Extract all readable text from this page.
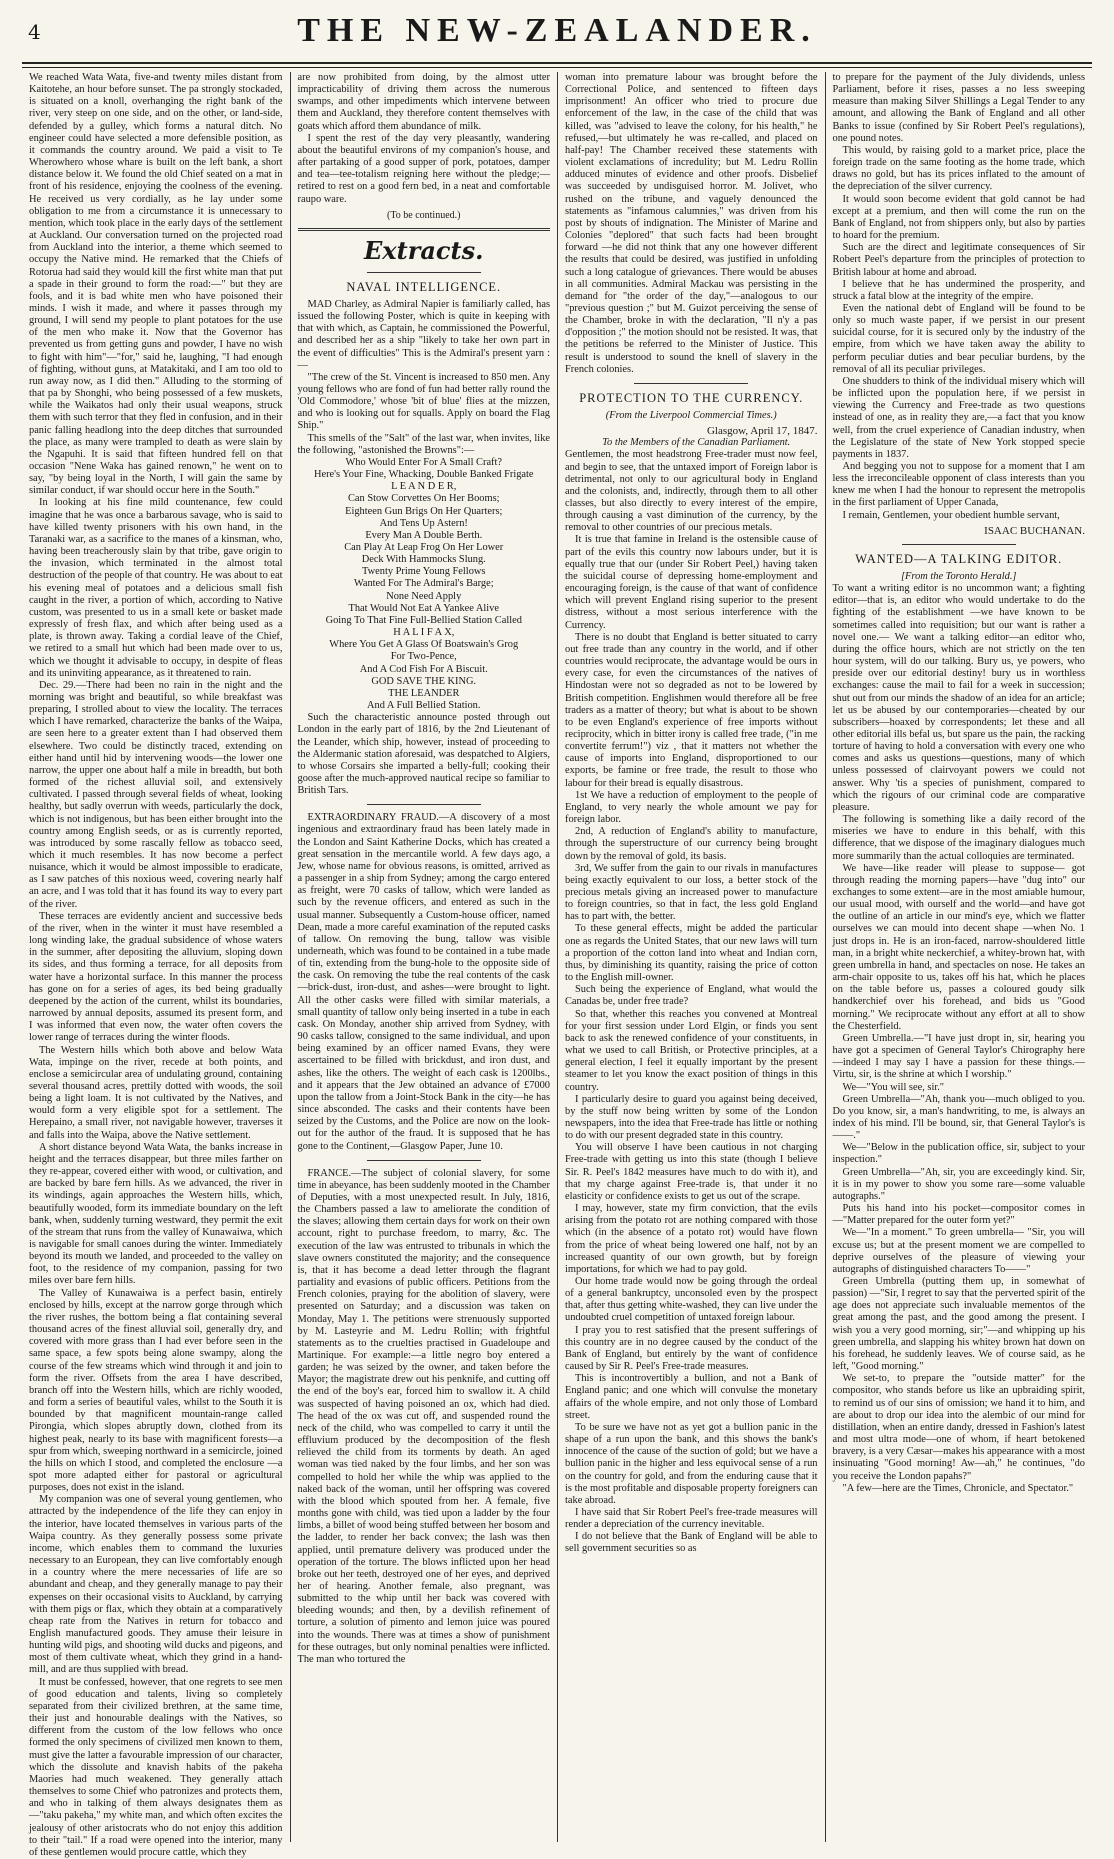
4	THE NEW-ZEALANDER.

We reached Wata Wata, five-and twenty miles distant from Kaitotehe, an hour before sunset. The pa strongly stockaded, is situated on a knoll, overhanging the right bank of the river, very steep on one side, and on the other, or land-side, defended by a gulley, which forms a natural ditch. No engineer could have selected a more defensible position, as it commands the country around. We paid a visit to Te Wherowhero whose whare is built on the left bank, a short distance below it. We found the old Chief seated on a mat in front of his residence, enjoying the coolness of the evening. He received us very cordially, as he lay under some obligation to me from a circumstance it is unnecessary to mention, which took place in the early days of the settlement at Auckland. Our conversation turned on the projected road from Auckland into the interior, a theme which seemed to occupy the Native mind. He remarked that the Chiefs of Rotorua had said they would kill the first white man that put a spade in their ground to form the road:—" but they are fools, and it is bad white men who have poisoned their minds. I wish it made, and where it passes through my ground, I will send my people to plant potatoes for the use of the men who make it. Now that the Governor has prevented us from getting guns and powder, I have no wish to fight with him"—"for," said he, laughing, "I had enough of fighting, without guns, at Matakitaki, and I am too old to run away now, as I did then." Alluding to the storming of that pa by Shonghi, who being possessed of a few muskets, while the Waikatos had only their usual weapons, struck them with such terror that they fled in confusion, and in their panic falling headlong into the deep ditches that surrounded the place, as many were trampled to death as were slain by the Ngapuhi. It is said that fifteen hundred fell on that occasion "Nene Waka has gained renown," he went on to say, "by being loyal in the North, I will gain the same by similar conduct, if war should occur here in the South."

In looking at his fine mild countenance, few could imagine that he was once a barbarous savage, who is said to have killed twenty prisoners with his own hand, in the Taranaki war, as a sacrifice to the manes of a kinsman, who, having been treacherously slain by that tribe, gave origin to the invasion, which terminated in the almost total destruction of the people of that country. He was about to eat his evening meal of potatoes and a delicious small fish caught in the river, a portion of which, according to Native custom, was presented to us in a small kete or basket made expressly of fresh flax, and which after being used as a plate, is thrown away. Taking a cordial leave of the Chief, we retired to a small hut which had been made over to us, which we thought it advisable to occupy, in despite of fleas and its uninviting appearance, as it threatened to rain.

Dec. 29.—There had been no rain in the night and the morning was bright and beautiful, so while breakfast was preparing, I strolled about to view the locality. The terraces which I have remarked, characterize the banks of the Waipa, are seen here to a greater extent than I had observed them elsewhere. Two could be distinctly traced, extending on either hand until hid by intervening woods—the lower one narrow, the upper one about half a mile in breadth, but both formed of the richest alluvial soil, and extensively cultivated. I passed through several fields of wheat, looking healthy, but sadly overrun with weeds, particularly the dock, which is not indigenous, but has been either brought into the country among English seeds, or as is currently reported, was introduced by some rascally fellow as tobacco seed, which it much resembles. It has now become a perfect nuisance, which it would be almost impossible to eradicate, as I saw patches of this noxious weed, covering nearly half an acre, and I was told that it has found its way to every part of the river.

These terraces are evidently ancient and successive beds of the river, when in the winter it must have resembled a long winding lake, the gradual subsidence of whose waters in the summer, after depositing the alluvium, sloping down its sides, and thus forming a terrace, for all deposits from water have a horizontal surface. In this manner the process has gone on for a series of ages, its bed being gradually deepened by the action of the current, whilst its boundaries, narrowed by annual deposits, assumed its present form, and I was informed that even now, the water often covers the lower range of terraces during the winter floods.

The Western hills which both above and below Wata Wata, impinge on the river, recede at both points, and enclose a semicircular area of undulating ground, containing several thousand acres, prettily dotted with woods, the soil being a light loam. It is not cultivated by the Natives, and would form a very eligible spot for a settlement. The Herepaino, a small river, not navigable however, traverses it and falls into the Waipa, above the Native settlement.

A short distance beyond Wata Wata, the banks increase in height and the terraces disappear, but three miles farther on they re-appear, covered either with wood, or cultivation, and are backed by bare fern hills. As we advanced, the river in its windings, again approaches the Western hills, which, beautifully wooded, form its immediate boundary on the left bank, when, suddenly turning westward, they permit the exit of the stream that runs from the valley of Kunawaiwa, which is navigable for small canoes during the winter. Immediately beyond its mouth we landed, and proceeded to the valley on foot, to the residence of my companion, passing for two miles over bare fern hills.

The Valley of Kunawaiwa is a perfect basin, entirely enclosed by hills, except at the narrow gorge through which the river rushes, the bottom being a flat containing several thousand acres of the finest alluvial soil, generally dry, and covered with more grass than I had ever before seen in the same space, a few spots being alone swampy, along the course of the few streams which wind through it and join to form the river. Offsets from the area I have described, branch off into the Western hills, which are richly wooded, and form a series of beautiful vales, whilst to the South it is bounded by that magnificent mountain-range called Pirongia, which slopes abruptly down, clothed from its highest peak, nearly to its base with magnificent forests—a spur from which, sweeping northward in a semicircle, joined the hills on which I stood, and completed the enclosure —a spot more adapted either for pastoral or agricultural purposes, does not exist in the island.

My companion was one of several young gentlemen, who attracted by the independence of the life they can enjoy in the interior, have located themselves in various parts of the Waipa country. As they generally possess some private income, which enables them to command the luxuries necessary to an European, they can live comfortably enough in a country where the mere necessaries of life are so abundant and cheap, and they generally manage to pay their expenses on their occasional visits to Auckland, by carrying with them pigs or flax, which they obtain at a comparatively cheap rate from the Natives in return for tobacco and English manufactured goods. They amuse their leisure in hunting wild pigs, and shooting wild ducks and pigeons, and most of them cultivate wheat, which they grind in a hand-mill, and are thus supplied with bread.

It must be confessed, however, that one regrets to see men of good education and talents, living so completely separated from their civilized brethren, at the same time, their just and honourable dealings with the Natives, so different from the custom of the low fellows who once formed the only specimens of civilized men known to them, must give the latter a favourable impression of our character, which the dissolute and knavish habits of the pakeha Maories had much weakened. They generally attach themselves to some Chief who patronizes and protects them, and who in talking of them always designates them as—"taku pakeha," my white man, and which often excites the jealousy of other aristocrats who do not enjoy this addition to their "tail." If a road were opened into the interior, many of these gentlemen would procure cattle, which they

are now prohibited from doing, by the almost utter impracticability of driving them across the numerous swamps, and other impediments which intervene between them and Auckland, they therefore content themselves with goats which afford them abundance of milk.

I spent the rest of the day very pleasantly, wandering about the beautiful environs of my companion's house, and after partaking of a good supper of pork, potatoes, damper and tea—tee-totalism reigning here without the pledge;—retired to rest on a good fern bed, in a neat and comfortable raupo ware.

(To be continued.)
Extracts.
NAVAL INTELLIGENCE.

MAD Charley, as Admiral Napier is familiarly called, has issued the following Poster, which is quite in keeping with that with which, as Captain, he commissioned the Powerful, and described her as a ship "likely to take her own part in the event of difficulties" This is the Admiral's present yarn :—

"The crew of the St. Vincent is increased to 850 men. Any young fellows who are fond of fun had better rally round the 'Old Commodore,' whose 'bit of blue' flies at the mizzen, and who is looking out for squalls. Apply on board the Flag Ship."

This smells of the "Salt" of the last war, when invites, like the following, "astonished the Browns":—

Who Would Enter For A Small Craft?

Here's Your Fine, Whacking, Double Banked Frigate

L E A N D E R,

Can Stow Corvettes On Her Booms;

Eighteen Gun Brigs On Her Quarters;

And Tens Up Astern!

Every Man A Double Berth.

Can Play At Leap Frog On Her Lower

Deck With Hammocks Slung.

Twenty Prime Young Fellows

Wanted For The Admiral's Barge;

None Need Apply

That Would Not Eat A Yankee Alive

Going To That Fine Full-Bellied Station Called

H A L I F A X,

Where You Get A Glass Of Boatswain's Grog

For Two-Pence,

And A Cod Fish For A Biscuit.

GOD SAVE THE KING.

THE LEANDER

And A Full Bellied Station.

Such the characteristic announce posted through out London in the early part of 1816, by the 2nd Lieutenant of the Leander, which ship, however, instead of proceeding to the Aldermanic station aforesaid, was despatched to Algiers, to whose Corsairs she imparted a belly-full; cooking their goose after the much-approved nautical recipe so familiar to British Tars.

EXTRAORDINARY FRAUD.—A discovery of a most ingenious and extraordinary fraud has been lately made in the London and Saint Katherine Docks, which has created a great sensation in the mercantile world. A few days ago, a Jew, whose name for obvious reasons, is omitted, arrived as a passenger in a ship from Sydney; among the cargo entered as freight, were 70 casks of tallow, which were landed as such by the revenue officers, and entered as such in the usual manner. Subsequently a Custom-house officer, named Dean, made a more careful examination of the reputed casks of tallow. On removing the bung, tallow was visible underneath, which was found to be contained in a tube made of tin, extending from the bung-hole to the opposite side of the cask. On removing the tube the real contents of the cask—brick-dust, iron-dust, and ashes—were brought to light. All the other casks were filled with similar materials, a small quantity of tallow only being inserted in a tube in each cask. On Monday, another ship arrived from Sydney, with 90 casks tallow, consigned to the same individual, and upon being examined by an officer named Evans, they were ascertained to be filled with brickdust, and iron dust, and ashes, like the others. The weight of each cask is 1200lbs., and it appears that the Jew obtained an advance of £7000 upon the tallow from a Joint-Stock Bank in the city—he has since absconded. The casks and their contents have been seized by the Customs, and the Police are now on the look-out for the author of the fraud. It is supposed that he has gone to the Continent,—Glasgow Paper, June 10.

FRANCE.—The subject of colonial slavery, for some time in abeyance, has been suddenly mooted in the Chamber of Deputies, with a most unexpected result. In July, 1816, the Chambers passed a law to ameliorate the condition of the slaves; allowing them certain days for work on their own account, right to purchase freedom, to marry, &c. The execution of the law was entrusted to tribunals in which the slave owners constituted the majority; and the consequence is, that it has become a dead letter through the flagrant partiality and evasions of public officers. Petitions from the French colonies, praying for the abolition of slavery, were presented on Saturday; and a discussion was taken on Monday, May 1. The petitions were strenuously supported by M. Lasteyrie and M. Ledru Rollin; with frightful statements as to the cruelties practised in Guadeloupe and Martinique. For example:—a little negro boy entered a garden; he was seized by the owner, and taken before the Mayor; the magistrate drew out his penknife, and cutting off the end of the boy's ear, forced him to swallow it. A child was suspected of having poisoned an ox, which had died. The head of the ox was cut off, and suspended round the neck of the child, who was compelled to carry it until the effluvium produced by the decomposition of the flesh relieved the child from its torments by death. An aged woman was tied naked by the four limbs, and her son was compelled to hold her while the whip was applied to the naked back of the woman, until her offspring was covered with the blood which spouted from her. A female, five months gone with child, was tied upon a ladder by the four limbs, a billet of wood being stuffed between her bosom and the ladder, to render her back convex; the lash was then applied, until premature delivery was produced under the operation of the torture. The blows inflicted upon her head broke out her teeth, destroyed one of her eyes, and deprived her of hearing. Another female, also pregnant, was submitted to the whip until her back was covered with bleeding wounds; and then, by a devilish refinement of torture, a solution of pimento and lemon juice was poured into the wounds. There was at times a show of punishment for these outrages, but only nominal penalties were inflicted. The man who tortured the

woman into premature labour was brought before the Correctional Police, and sentenced to fifteen days imprisonment! An officer who tried to procure due enforcement of the law, in the case of the child that was killed, was "advised to leave the colony, for his health," he refused,—but ultimately he was re-called, and placed on half-pay! The Chamber received these statements with violent exclamations of incredulity; but M. Ledru Rollin adduced minutes of evidence and other proofs. Disbelief was succeeded by undisguised horror. M. Jolivet, who rushed on the tribune, and vaguely denounced the statements as "infamous calumnies," was driven from his post by shouts of indignation. The Minister of Marine and Colonies "deplored" that such facts had been brought forward —he did not think that any one however different the results that could be desired, was justified in unfolding such a long catalogue of grievances. There would be abuses in all communities. Admiral Mackau was persisting in the demand for "the order of the day,"—analogous to our "previous question ;" but M. Guizot perceiving the sense of the Chamber, broke in with the declaration, "Il n'y a pas d'opposition ;" the motion should not be resisted. It was, that the petitions be referred to the Minister of Justice. This result is understood to sound the knell of slavery in the French colonies.

PROTECTION TO THE CURRENCY.
(From the Liverpool Commercial Times.)
Glasgow, April 17, 1847.

To the Members of the Canadian Parliament.

Gentlemen, the most headstrong Free-trader must now feel, and begin to see, that the untaxed import of Foreign labor is detrimental, not only to our agricultural body in England and the colonists, and, indirectly, through them to all other classes, but also directly to every interest of the empire, through causing a vast diminution of the currency, by the removal to other countries of our precious metals.

It is true that famine in Ireland is the ostensible cause of part of the evils this country now labours under, but it is equally true that our (under Sir Robert Peel,) having taken the suicidal course of depressing home-employment and encouraging foreign, is the cause of that want of confidence which will prevent England rising superior to the present distress, without a most serious interference with the Currency.

There is no doubt that England is better situated to carry out free trade than any country in the world, and if other countries would reciprocate, the advantage would be ours in every case, for even the circumstances of the natives of Hindostan were not so degraded as not to be lowered by British competition. Englishmen would therefore all be free traders as a matter of theory; but what is about to be shown to be even England's experience of free imports without reciprocity, which in bitter irony is called free trade, ("in me convertite ferrum!") viz , that it matters not whether the cause of imports into England, disproportioned to our exports, be famine or free trade, the result to those who labour for their bread is equally disastrous.

1st We have a reduction of employment to the people of England, to very nearly the whole amount we pay for foreign labor.

2nd, A reduction of England's ability to manufacture, through the superstructure of our currency being brought down by the removal of gold, its basis.

3rd, We suffer from the gain to our rivals in manufactures being exactly equivalent to our loss, a better stock of the precious metals giving an increased power to manufacture to foreign countries, so that in fact, the less gold England has to part with, the better.

To these general effects, might be added the particular one as regards the United States, that our new laws will turn a proportion of the cotton land into wheat and Indian corn, thus, by diminishing its quantity, raising the price of cotton to the English mill-owner.

Such being the experience of England, what would the Canadas be, under free trade?

So that, whether this reaches you convened at Montreal for your first session under Lord Elgin, or finds you sent back to ask the renewed confidence of your constituents, in what we used to call British, or Protective principles, at a general election, I feel it equally important by the present steamer to let you know the exact position of things in this country.

I particularly desire to guard you against being deceived, by the stuff now being written by some of the London newspapers, into the idea that Free-trade has little or nothing to do with our present degraded state in this country.

You will observe I have been cautious in not charging Free-trade with getting us into this state (though I believe Sir. R. Peel's 1842 measures have much to do with it), and that my charge against Free-trade is, that under it no elasticity or confidence exists to get us out of the scrape.

I may, however, state my firm conviction, that the evils arising from the potato rot are nothing compared with those which (in the absence of a potato rot) would have flown from the price of wheat being lowered one half, not by an increased quantity of our own growth, but by foreign importations, for which we had to pay gold.

Our home trade would now be going through the ordeal of a general bankruptcy, unconsoled even by the prospect that, after thus getting white-washed, they can live under the undoubted cruel competition of untaxed foreign labour.

I pray you to rest satisfied that the present sufferings of this country are in no degree caused by the conduct of the Bank of England, but entirely by the want of confidence caused by Sir R. Peel's Free-trade measures.

This is incontrovertibly a bullion, and not a Bank of England panic; and one which will convulse the monetary affairs of the whole empire, and not only those of Lombard street.

To be sure we have not as yet got a bullion panic in the shape of a run upon the bank, and this shows the bank's innocence of the cause of the suction of gold; but we have a bullion panic in the higher and less equivocal sense of a run on the country for gold, and from the enduring cause that it is the most profitable and disposable property foreigners can take abroad.

I have said that Sir Robert Peel's free-trade measures will render a depreciation of the currency inevitable.

I do not believe that the Bank of England will be able to sell government securities so as

to prepare for the payment of the July dividends, unless Parliament, before it rises, passes a no less sweeping measure than making Silver Shillings a Legal Tender to any amount, and allowing the Bank of England and all other Banks to issue (confined by Sir Robert Peel's regulations), one pound notes.

This would, by raising gold to a market price, place the foreign trade on the same footing as the home trade, which draws no gold, but has its prices inflated to the amount of the depreciation of the silver currency.

It would soon become evident that gold cannot be had except at a premium, and then will come the run on the Bank of England, not from shippers only, but also by parties to hoard for the premium.

Such are the direct and legitimate consequences of Sir Robert Peel's departure from the principles of protection to British labour at home and abroad.

I believe that he has undermined the prosperity, and struck a fatal blow at the integrity of the empire.

Even the national debt of England will be found to be only so much waste paper, if we persist in our present suicidal course, for it is secured only by the industry of the empire, from which we have taken away the ability to perform peculiar duties and bear peculiar burdens, by the removal of all its peculiar privileges.

One shudders to think of the individual misery which will be inflicted upon the population here, if we persist in viewing the Currency and Free-trade as two questions instead of one, as in reality they are,—a fact that you know well, from the cruel experience of Canadian industry, when the Legislature of the state of New York stopped specie payments in 1837.

And begging you not to suppose for a moment that I am less the irreconcileable opponent of class interests than you knew me when I had the honour to represent the metropolis in the first parliament of Upper Canada,

I remain, Gentlemen, your obedient humble servant,

ISAAC BUCHANAN.
WANTED—A TALKING EDITOR.
[From the Toronto Herald.]

To want a writing editor is no uncommon want; a fighting editor—that is, an editor who would undertake to do the fighting of the establishment —we have known to be sometimes called into requisition; but our want is rather a novel one.— We want a talking editor—an editor who, during the office hours, which are not strictly on the ten hour system, will do our talking. Bury us, ye powers, who preside over our editorial destiny! bury us in worthless exchanges: cause the mail to fail for a week in succession; shut out from our minds the shadow of an idea for an article; let us be abused by our contemporaries—cheated by our subscribers—hoaxed by correspondents; let these and all other editorial ills befal us, but spare us the pain, the racking torture of having to hold a conversation with every one who comes and asks us questions—questions, many of which unless possessed of clairvoyant powers we could not answer. Why 'tis a species of punishment, compared to which the rigours of our criminal code are comparative pleasure.

The following is something like a daily record of the miseries we have to endure in this behalf, with this difference, that we dispose of the imaginary dialogues much more summarily than the actual colloquies are terminated.

We have—like reader will please to suppose— got through reading the morning papers—have "dug into" our exchanges to some extent—are in the most amiable humour, our usual mood, with ourself and the world—and have got the outline of an article in our mind's eye, which we flatter ourselves we can mould into decent shape —when No. 1 just drops in. He is an iron-faced, narrow-shouldered little man, in a bright white neckerchief, a whitey-brown hat, with green umbrella in hand, and spectacles on nose. He takes an arm-chair opposite to us, takes off his hat, which he places on the table before us, passes a coloured goudy silk handkerchief over his forehead, and bids us "Good morning." We reciprocate without any effort at all to show the Chesterfield.

Green Umbrella.—"I have just dropt in, sir, hearing you have got a specimen of General Taylor's Chirography here—indeed I may say I have a passion for these things.—Virtu, sir, is the shrine at which I worship."

We—"You will see, sir."

Green Umbrella—"Ah, thank you—much obliged to you. Do you know, sir, a man's handwriting, to me, is always an index of his mind. I'll be bound, sir, that General Taylor's is——."

We—"Below in the publication office, sir, subject to your inspection."

Green Umbrella—"Ah, sir, you are exceedingly kind. Sir, it is in my power to show you some rare—some valuable autographs."

Puts his hand into his pocket—compositor comes in—"Matter prepared for the outer form yet?"

We—"In a moment." To green umbrella— "Sir, you will excuse us; but at the present moment we are compelled to deprive ourselves of the pleasure of viewing your autographs of distinguished characters To——"

Green Umbrella (putting them up, in somewhat of passion) —"Sir, I regret to say that the perverted spirit of the age does not appreciate such invaluable mementos of the great among the past, and the good among the present. I wish you a very good morning, sir;"—and whipping up his green umbrella, and slapping his whitey brown hat down on his forehead, he suddenly leaves. We of course said, as he left, "Good morning."

We set-to, to prepare the "outside matter" for the compositor, who stands before us like an upbraiding spirit, to remind us of our sins of omission; we hand it to him, and are about to drop our idea into the alembic of our mind for distillation, when an entire dandy, dressed in Fashion's latest and most ultra mode—one of whom, if heart betokened bravery, is a very Cæsar—makes his appearance with a most insinuating "Good morning! Aw—ah," he continues, "do you receive the London papahs?"

"A few—here are the Times, Chronicle, and Spectator."
